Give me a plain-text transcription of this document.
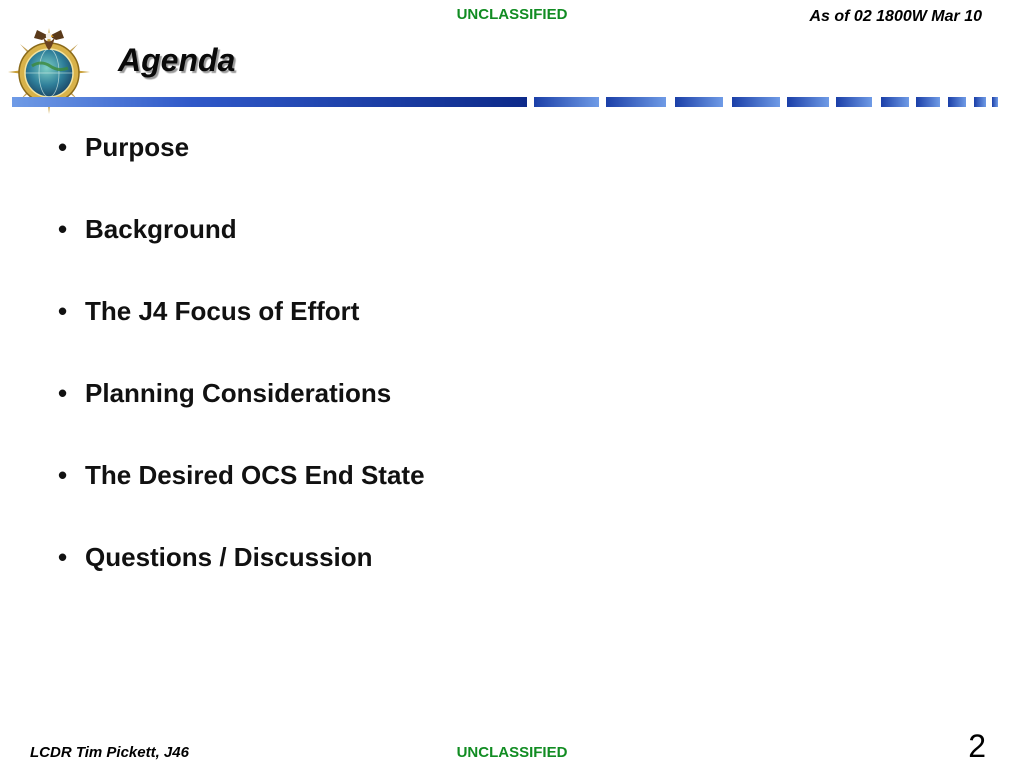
UNCLASSIFIED	As of 02 1800W Mar 10
Agenda
• Purpose
• Background
• The J4 Focus of Effort
• Planning Considerations
• The Desired OCS End State
• Questions / Discussion
LCDR Tim Pickett, J46	UNCLASSIFIED	2
